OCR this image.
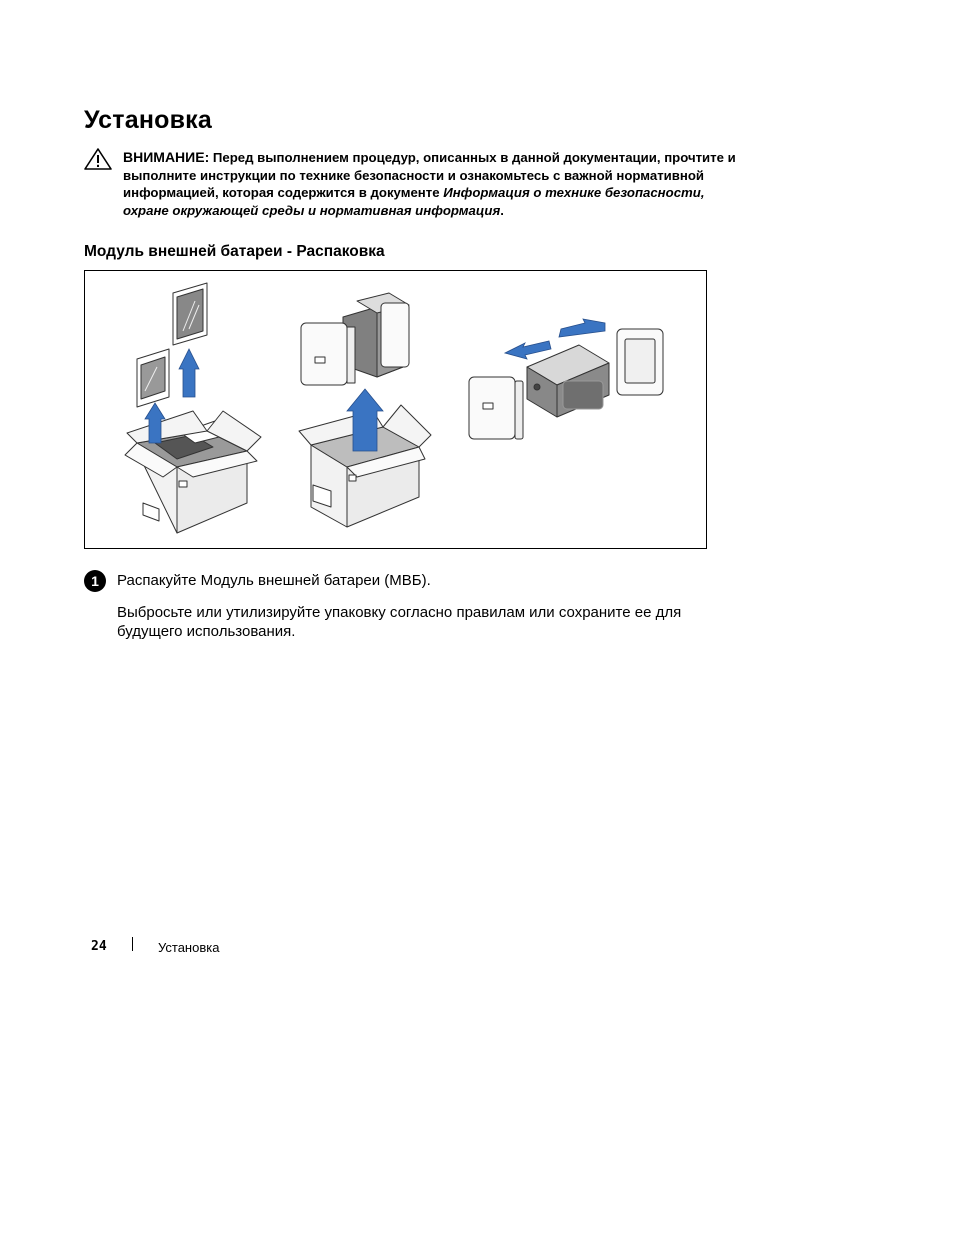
Установка
ВНИМАНИЕ: Перед выполнением процедур, описанных в данной документации, прочтите и выполните инструкции по технике безопасности и ознакомьтесь с важной нормативной информацией, которая содержится в документе Информация о технике безопасности, охране окружающей среды и нормативная информация.
Модуль внешней батареи - Распаковка
1	Распакуйте Модуль внешней батареи (МВБ).
Выбросьте или утилизируйте упаковку согласно правилам или сохраните ее для будущего использования.
24	Установка
